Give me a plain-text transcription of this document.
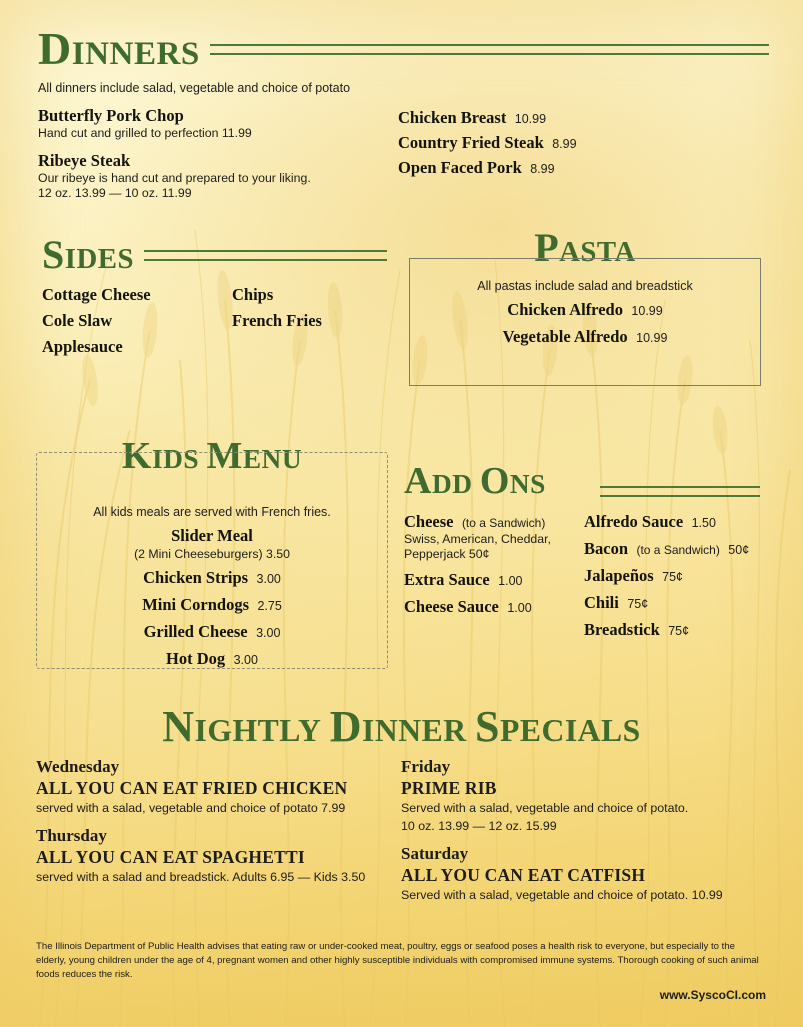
DINNERS
All dinners include salad, vegetable and choice of potato
Butterfly Pork Chop
Hand cut and grilled to perfection 11.99
Ribeye Steak
Our ribeye is hand cut and prepared to your liking.
12 oz. 13.99 — 10 oz. 11.99
Chicken Breast 10.99
Country Fried Steak 8.99
Open Faced Pork 8.99
SIDES
Cottage Cheese
Cole Slaw
Applesauce
Chips
French Fries
PASTA
All pastas include salad and breadstick
Chicken Alfredo 10.99
Vegetable Alfredo 10.99
KIDS MENU
All kids meals are served with French fries.
Slider Meal
(2 Mini Cheeseburgers) 3.50
Chicken Strips 3.00
Mini Corndogs 2.75
Grilled Cheese 3.00
Hot Dog 3.00
ADD ONS
Cheese (to a Sandwich)
Swiss, American, Cheddar, Pepperjack 50¢
Extra Sauce 1.00
Cheese Sauce 1.00
Alfredo Sauce 1.50
Bacon (to a Sandwich) 50¢
Jalapeños 75¢
Chili 75¢
Breadstick 75¢
NIGHTLY DINNER SPECIALS
Wednesday
ALL YOU CAN EAT FRIED CHICKEN
served with a salad, vegetable and choice of potato 7.99
Thursday
ALL YOU CAN EAT SPAGHETTI
served with a salad and breadstick. Adults 6.95 — Kids 3.50
Friday
PRIME RIB
Served with a salad, vegetable and choice of potato.
10 oz. 13.99 — 12 oz. 15.99
Saturday
ALL YOU CAN EAT CATFISH
Served with a salad, vegetable and choice of potato. 10.99
The Illinois Department of Public Health advises that eating raw or under-cooked meat, poultry, eggs or seafood poses a health risk to everyone, but especially to the elderly, young children under the age of 4, pregnant women and other highly susceptible individuals with compromised immune systems. Thorough cooking of such animal foods reduces the risk.
www.SyscoCI.com
